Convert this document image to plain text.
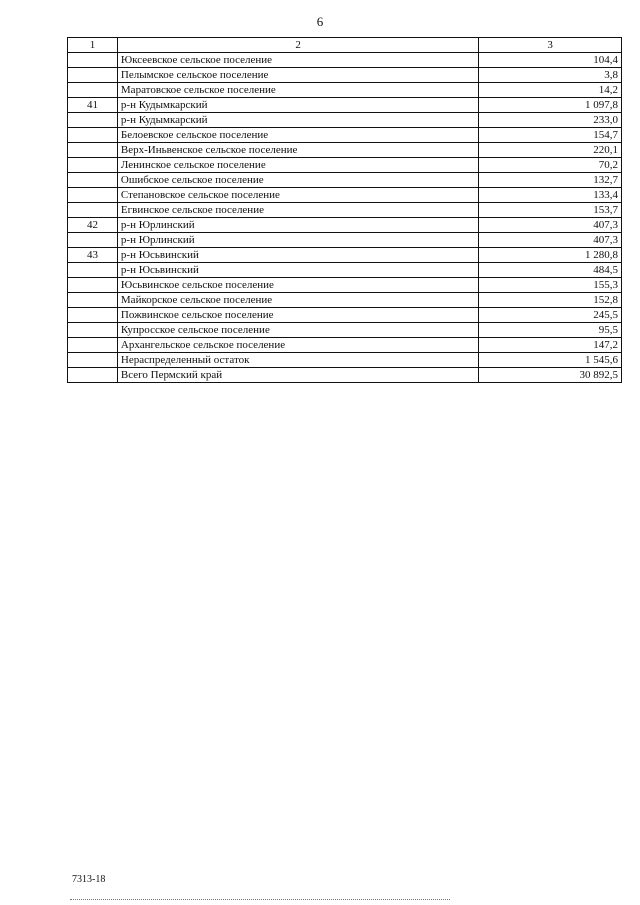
6
1	2	3
	Юксеевское сельское поселение	104,4
	Пелымское сельское поселение	3,8
	Маратовское сельское поселение	14,2
41	р-н Кудымкарский	1 097,8
	р-н Кудымкарский	233,0
	Белоевское сельское поселение	154,7
	Верх-Иньвенское сельское поселение	220,1
	Ленинское сельское поселение	70,2
	Ошибское сельское поселение	132,7
	Степановское сельское поселение	133,4
	Егвинское сельское поселение	153,7
42	р-н Юрлинский	407,3
	р-н Юрлинский	407,3
43	р-н Юсьвинский	1 280,8
	р-н Юсьвинский	484,5
	Юсьвинское сельское поселение	155,3
	Майкорское сельское поселение	152,8
	Пожвинское сельское поселение	245,5
	Купросское сельское поселение	95,5
	Архангельское сельское поселение	147,2
	Нераспределенный остаток	1 545,6
	Всего Пермский край	30 892,5
7313-18
